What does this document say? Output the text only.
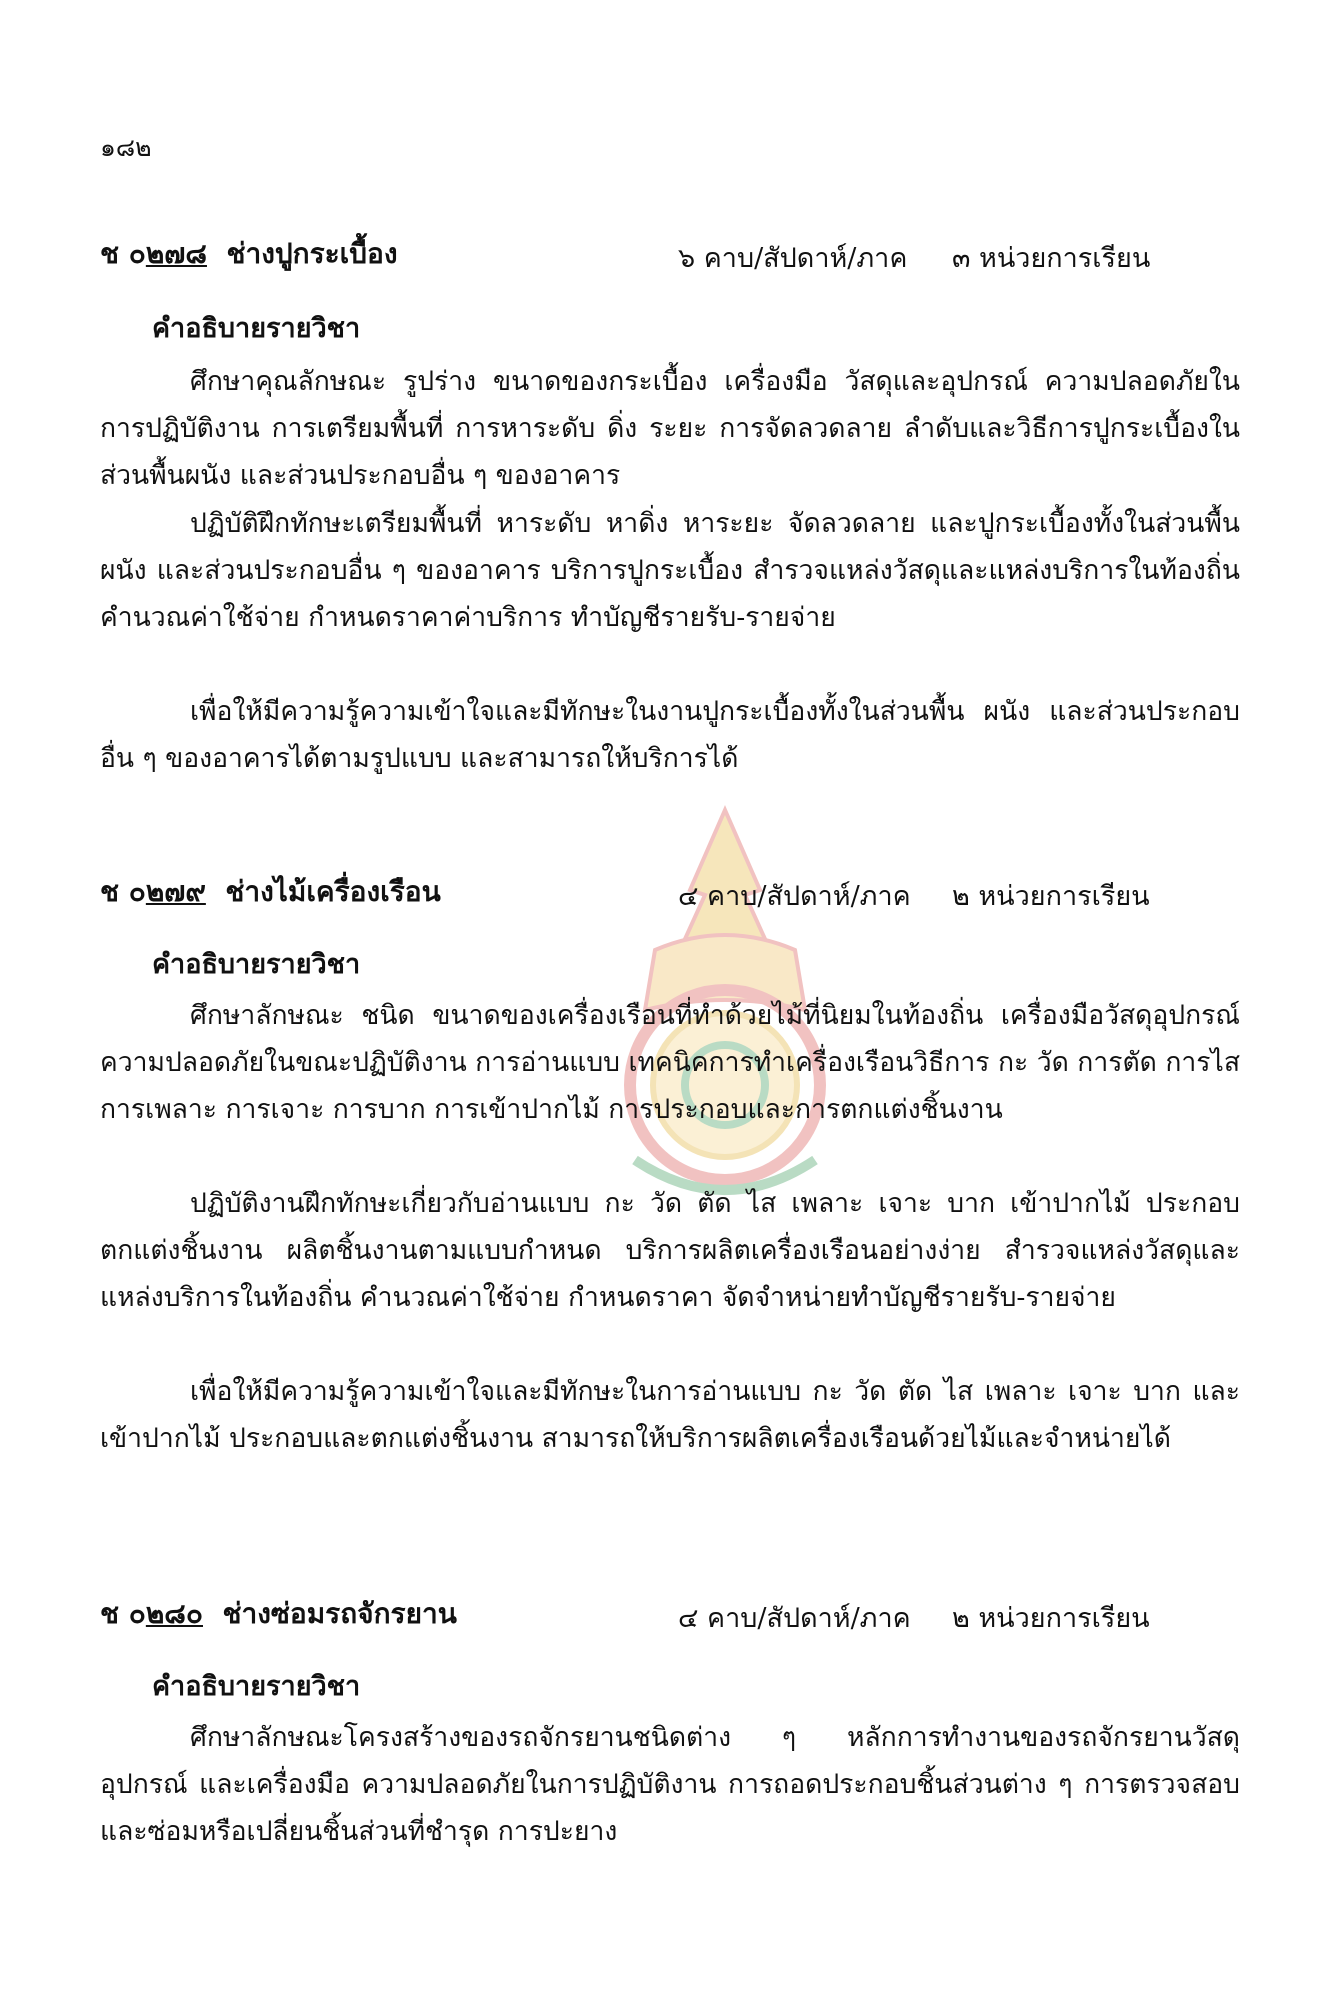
๑๘๒
ช ๐๒๗๘ ช่างปูกระเบื้อง	๖ คาบ/สัปดาห์/ภาค ๓ หน่วยการเรียน
คำอธิบายรายวิชา

ศึกษาคุณลักษณะ รูปร่าง ขนาดของกระเบื้อง เครื่องมือ วัสดุและอุปกรณ์ ความปลอดภัยในการปฏิบัติงาน การเตรียมพื้นที่ การหาระดับ ดิ่ง ระยะ การจัดลวดลาย ลำดับและวิธีการปูกระเบื้องในส่วนพื้นผนัง และส่วนประกอบอื่น ๆ ของอาคาร

ปฏิบัติฝึกทักษะเตรียมพื้นที่ หาระดับ หาดิ่ง หาระยะ จัดลวดลาย และปูกระเบื้องทั้งในส่วนพื้น ผนัง และส่วนประกอบอื่น ๆ ของอาคาร บริการปูกระเบื้อง สำรวจแหล่งวัสดุและแหล่งบริการในท้องถิ่น คำนวณค่าใช้จ่าย กำหนดราคาค่าบริการ ทำบัญชีรายรับ-รายจ่าย

เพื่อให้มีความรู้ความเข้าใจและมีทักษะในงานปูกระเบื้องทั้งในส่วนพื้น ผนัง และส่วนประกอบอื่น ๆ ของอาคารได้ตามรูปแบบ และสามารถให้บริการได้

ช ๐๒๗๙ ช่างไม้เครื่องเรือน	๔ คาบ/สัปดาห์/ภาค ๒ หน่วยการเรียน
คำอธิบายรายวิชา

ศึกษาลักษณะ ชนิด ขนาดของเครื่องเรือนที่ทำด้วยไม้ที่นิยมในท้องถิ่น เครื่องมือวัสดุอุปกรณ์ ความปลอดภัยในขณะปฏิบัติงาน การอ่านแบบ เทคนิคการทำเครื่องเรือนวิธีการ กะ วัด การตัด การไส การเพลาะ การเจาะ การบาก การเข้าปากไม้ การประกอบและการตกแต่งชิ้นงาน

ปฏิบัติงานฝึกทักษะเกี่ยวกับอ่านแบบ กะ วัด ตัด ไส เพลาะ เจาะ บาก เข้าปากไม้ ประกอบตกแต่งชิ้นงาน ผลิตชิ้นงานตามแบบกำหนด บริการผลิตเครื่องเรือนอย่างง่าย สำรวจแหล่งวัสดุและแหล่งบริการในท้องถิ่น คำนวณค่าใช้จ่าย กำหนดราคา จัดจำหน่ายทำบัญชีรายรับ-รายจ่าย

เพื่อให้มีความรู้ความเข้าใจและมีทักษะในการอ่านแบบ กะ วัด ตัด ไส เพลาะ เจาะ บาก และเข้าปากไม้ ประกอบและตกแต่งชิ้นงาน สามารถให้บริการผลิตเครื่องเรือนด้วยไม้และจำหน่ายได้

ช ๐๒๘๐ ช่างซ่อมรถจักรยาน	๔ คาบ/สัปดาห์/ภาค ๒ หน่วยการเรียน
คำอธิบายรายวิชา

ศึกษาลักษณะโครงสร้างของรถจักรยานชนิดต่าง ๆ หลักการทำงานของรถจักรยานวัสดุอุปกรณ์ และเครื่องมือ ความปลอดภัยในการปฏิบัติงาน การถอดประกอบชิ้นส่วนต่าง ๆ การตรวจสอบและซ่อมหรือเปลี่ยนชิ้นส่วนที่ชำรุด การปะยาง
